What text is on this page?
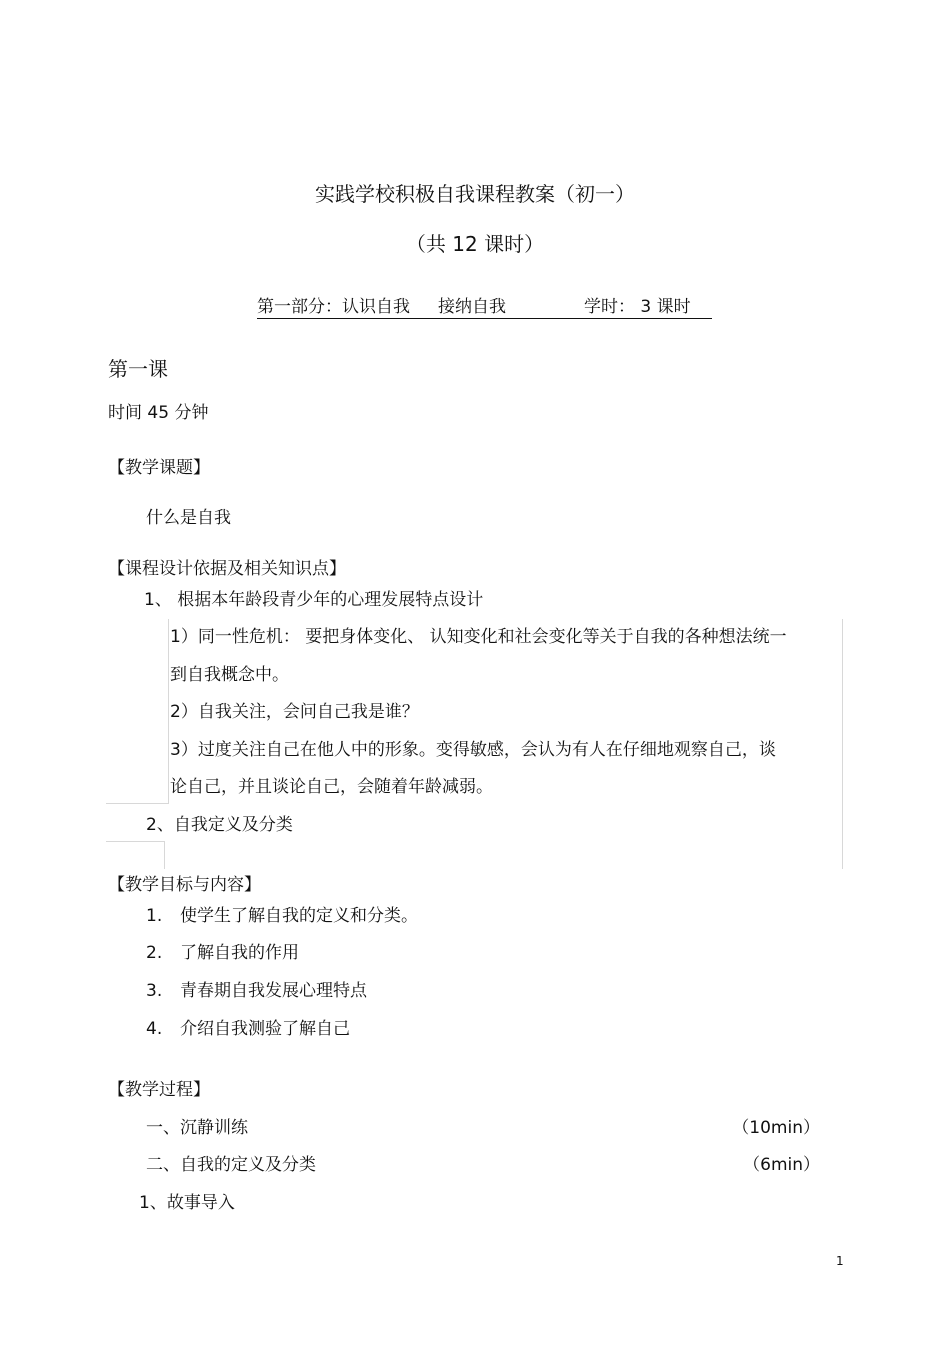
实践学校积极自我课程教案（初一）
（共 12 课时）
第一部分：认识自我 接纳自我	学时： 3 课时
第一课
时间 45 分钟
【教学课题】
什么是自我
【课程设计依据及相关知识点】
1、 根据本年龄段青少年的心理发展特点设计
1）同一性危机： 要把身体变化、 认知变化和社会变化等关于自我的各种想法统一
到自我概念中。
2）自我关注，会问自己我是谁？
3）过度关注自己在他人中的形象。变得敏感，会认为有人在仔细地观察自己，谈
论自己，并且谈论自己，会随着年龄减弱。
2、自我定义及分类
【教学目标与内容】
1. 使学生了解自我的定义和分类。
2. 了解自我的作用
3. 青春期自我发展心理特点
4. 介绍自我测验了解自己
【教学过程】
一、沉静训练	（10min）
二、自我的定义及分类	（6min）
1、故事导入
1
